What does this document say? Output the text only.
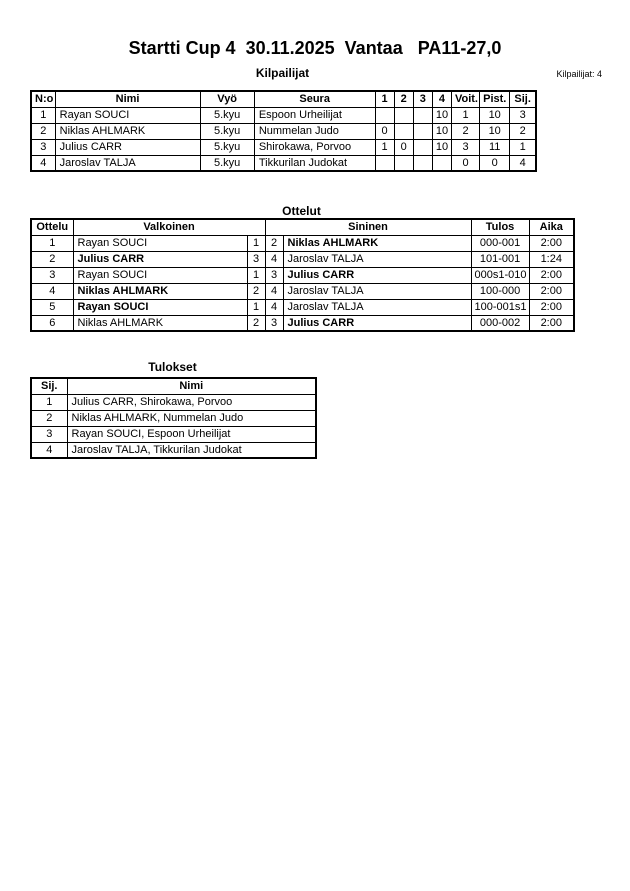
Startti Cup 4  30.11.2025  Vantaa   PA11-27,0
Kilpailijat	Kilpailijat: 4
N:o	Nimi	Vyö	Seura	1	2	3	4	Voit.	Pist.	Sij.
1	Rayan SOUCI	5.kyu	Espoon Urheilijat				10	1	10	3
2	Niklas AHLMARK	5.kyu	Nummelan Judo	0			10	2	10	2
3	Julius CARR	5.kyu	Shirokawa, Porvoo	1	0		10	3	11	1
4	Jaroslav TALJA	5.kyu	Tikkurilan Judokat					0	0	4
Ottelut
Ottelu	Valkoinen		Sininen		Tulos	Aika
1	Rayan SOUCI	1	2	Niklas AHLMARK	000-001	2:00
2	Julius CARR	3	4	Jaroslav TALJA	101-001	1:24
3	Rayan SOUCI	1	3	Julius CARR	000s1-010	2:00
4	Niklas AHLMARK	2	4	Jaroslav TALJA	100-000	2:00
5	Rayan SOUCI	1	4	Jaroslav TALJA	100-001s1	2:00
6	Niklas AHLMARK	2	3	Julius CARR	000-002	2:00
Tulokset
Sij.	Nimi
1	Julius CARR, Shirokawa, Porvoo
2	Niklas AHLMARK, Nummelan Judo
3	Rayan SOUCI, Espoon Urheilijat
4	Jaroslav TALJA, Tikkurilan Judokat
